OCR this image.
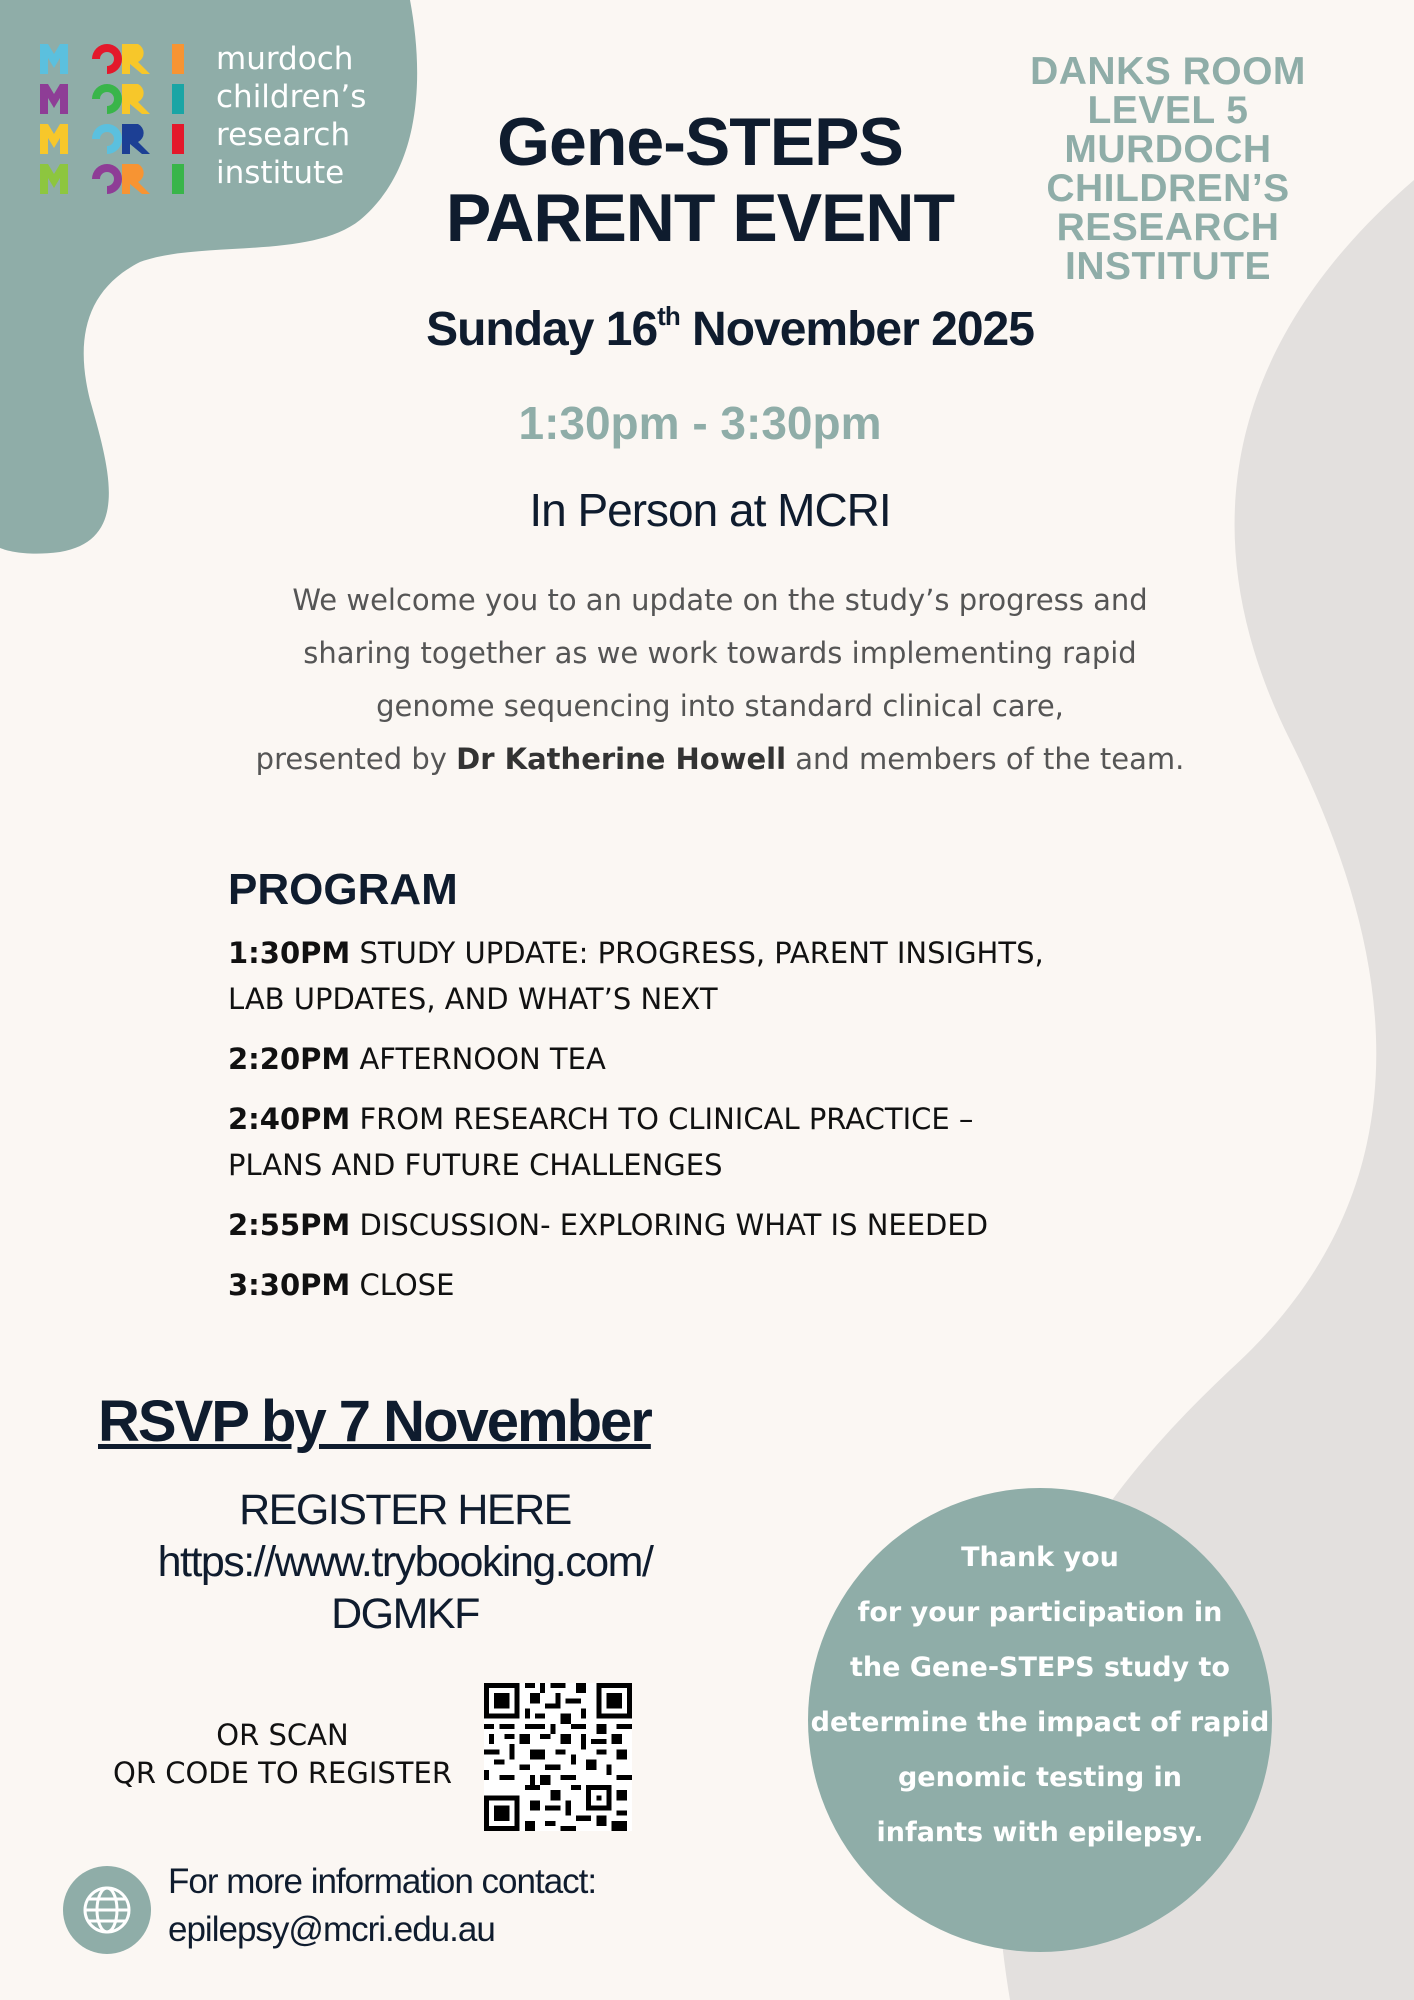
murdoch
children’s
research
institute
DANKS ROOM
LEVEL 5
MURDOCH CHILDREN’S
RESEARCH INSTITUTE
Gene-STEPS
PARENT EVENT
Sunday 16th November 2025
1:30pm - 3:30pm
In Person at MCRI
We welcome you to an update on the study’s progress and
sharing together as we work towards implementing rapid
genome sequencing into standard clinical care,
presented by Dr Katherine Howell and members of the team.
PROGRAM
1:30PM STUDY UPDATE: PROGRESS, PARENT INSIGHTS,
LAB UPDATES, AND WHAT’S NEXT
2:20PM AFTERNOON TEA
2:40PM FROM RESEARCH TO CLINICAL PRACTICE –
PLANS AND FUTURE CHALLENGES
2:55PM DISCUSSION- EXPLORING WHAT IS NEEDED
3:30PM CLOSE
RSVP by 7 November
REGISTER HERE
https://www.trybooking.com/
DGMKF
OR SCAN
QR CODE TO REGISTER
For more information contact:
epilepsy@mcri.edu.au
Thank you
for your participation in
the Gene-STEPS study to
determine the impact of rapid
genomic testing in
infants with epilepsy.
